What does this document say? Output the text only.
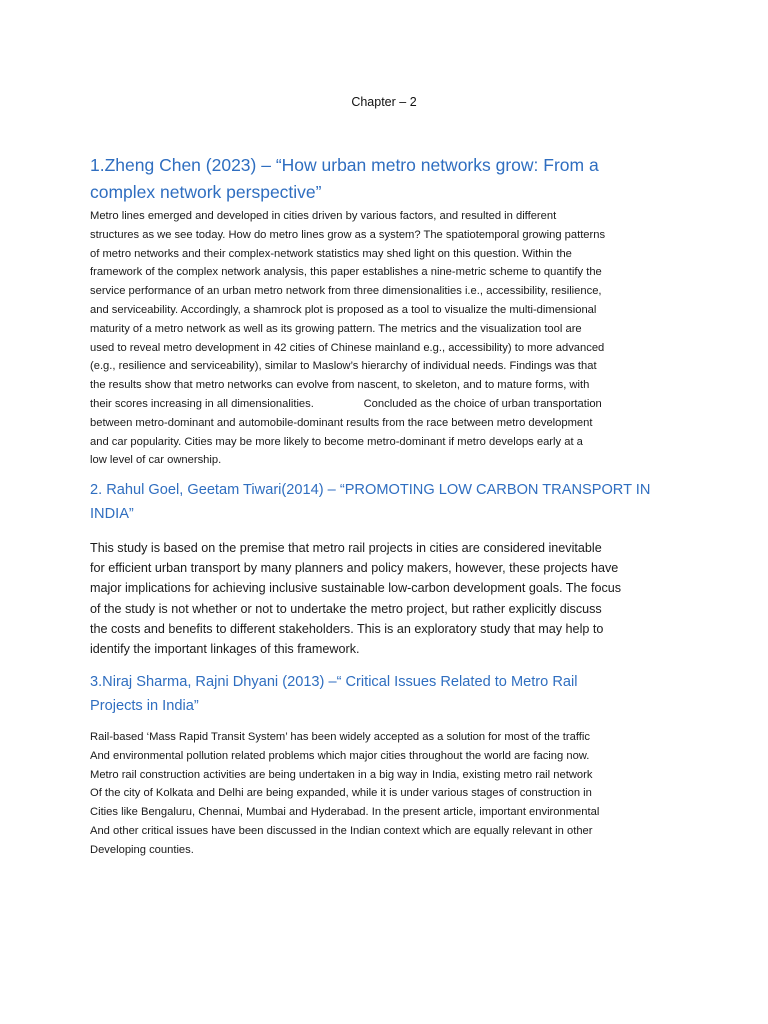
Chapter – 2
1.Zheng Chen (2023) – “How urban metro networks grow: From a
complex network perspective”

Metro lines emerged and developed in cities driven by various factors, and resulted in different
structures as we see today. How do metro lines grow as a system? The spatiotemporal growing patterns
of metro networks and their complex-network statistics may shed light on this question. Within the
framework of the complex network analysis, this paper establishes a nine-metric scheme to quantify the
service performance of an urban metro network from three dimensionalities i.e., accessibility, resilience,
and serviceability. Accordingly, a shamrock plot is proposed as a tool to visualize the multi-dimensional
maturity of a metro network as well as its growing pattern. The metrics and the visualization tool are
used to reveal metro development in 42 cities of Chinese mainland e.g., accessibility) to more advanced
(e.g., resilience and serviceability), similar to Maslow’s hierarchy of individual needs. Findings was that
the results show that metro networks can evolve from nascent, to skeleton, and to mature forms, with
their scores increasing in all dimensionalities.                Concluded as the choice of urban transportation
between metro-dominant and automobile-dominant results from the race between metro development
and car popularity. Cities may be more likely to become metro-dominant if metro develops early at a
low level of car ownership.

2. Rahul Goel, Geetam Tiwari(2014) – “PROMOTING LOW CARBON TRANSPORT IN
INDIA”

This study is based on the premise that metro rail projects in cities are considered inevitable
for efficient urban transport by many planners and policy makers, however, these projects have
major implications for achieving inclusive sustainable low-carbon development goals. The focus
of the study is not whether or not to undertake the metro project, but rather explicitly discuss
the costs and benefits to different stakeholders. This is an exploratory study that may help to
identify the important linkages of this framework.

3.Niraj Sharma, Rajni Dhyani (2013) –“ Critical Issues Related to Metro Rail
Projects in India”

Rail-based ‘Mass Rapid Transit System’ has been widely accepted as a solution for most of the traffic
And environmental pollution related problems which major cities throughout the world are facing now.
Metro rail construction activities are being undertaken in a big way in India, existing metro rail network
Of the city of Kolkata and Delhi are being expanded, while it is under various stages of construction in
Cities like Bengaluru, Chennai, Mumbai and Hyderabad. In the present article, important environmental
And other critical issues have been discussed in the Indian context which are equally relevant in other
Developing counties.
